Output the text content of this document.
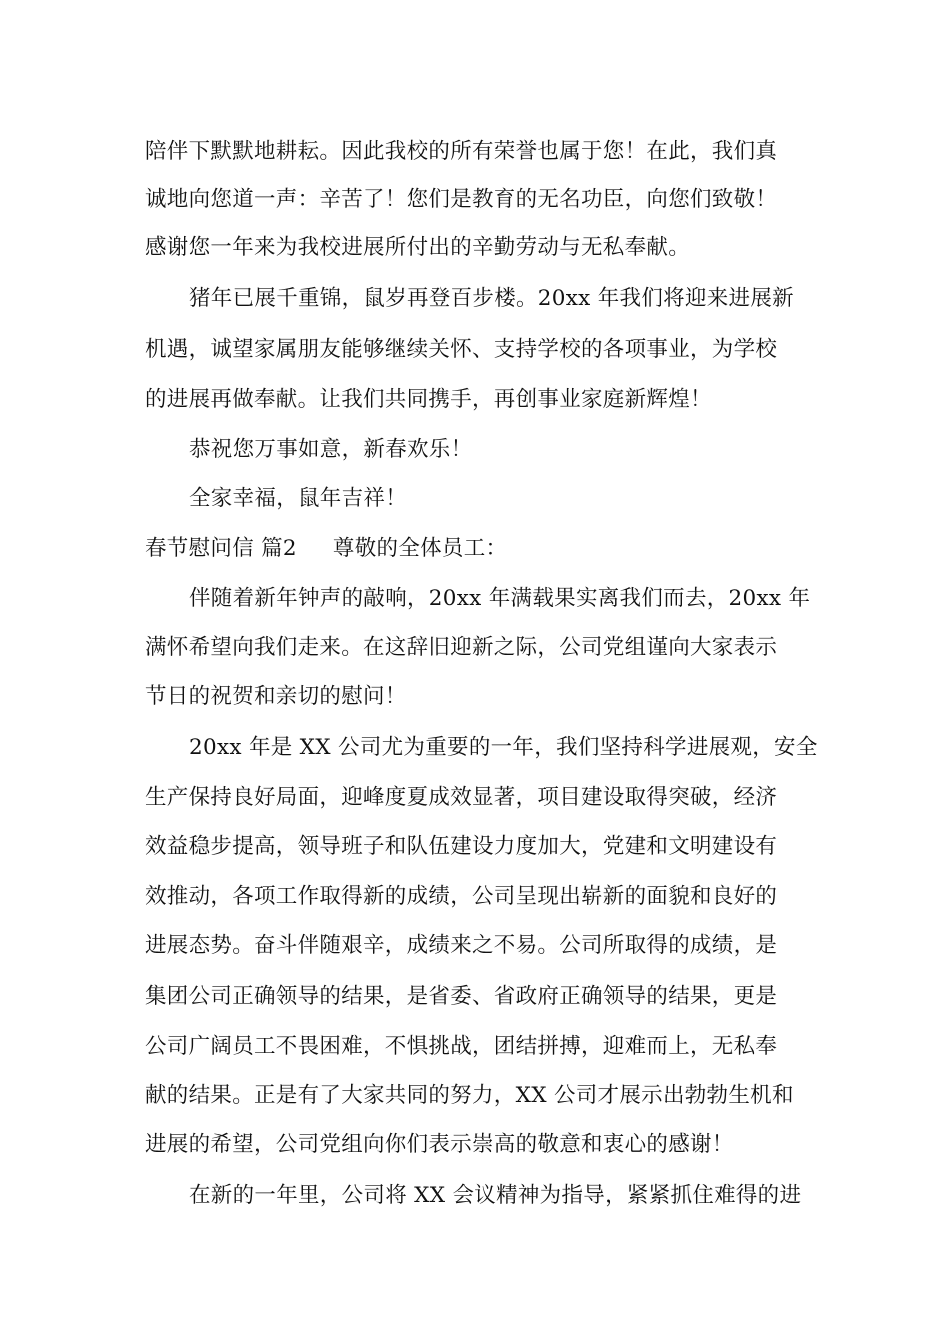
陪伴下默默地耕耘。因此我校的所有荣誉也属于您！在此，我们真
诚地向您道一声：辛苦了！您们是教育的无名功臣，向您们致敬！
感谢您一年来为我校进展所付出的辛勤劳动与无私奉献。
猪年已展千重锦，鼠岁再登百步楼。20xx 年我们将迎来进展新
机遇，诚望家属朋友能够继续关怀、支持学校的各项事业，为学校
的进展再做奉献。让我们共同携手，再创事业家庭新辉煌！
恭祝您万事如意，新春欢乐！
全家幸福，鼠年吉祥！
春节慰问信 篇2 尊敬的全体员工：
伴随着新年钟声的敲响，20xx 年满载果实离我们而去，20xx 年
满怀希望向我们走来。在这辞旧迎新之际，公司党组谨向大家表示
节日的祝贺和亲切的慰问！
20xx 年是 XX 公司尤为重要的一年，我们坚持科学进展观，安全
生产保持良好局面，迎峰度夏成效显著，项目建设取得突破，经济
效益稳步提高，领导班子和队伍建设力度加大，党建和文明建设有
效推动，各项工作取得新的成绩，公司呈现出崭新的面貌和良好的
进展态势。奋斗伴随艰辛，成绩来之不易。公司所取得的成绩，是
集团公司正确领导的结果，是省委、省政府正确领导的结果，更是
公司广阔员工不畏困难，不惧挑战，团结拼搏，迎难而上，无私奉
献的结果。正是有了大家共同的努力，XX 公司才展示出勃勃生机和
进展的希望，公司党组向你们表示崇高的敬意和衷心的感谢！
在新的一年里，公司将 XX 会议精神为指导，紧紧抓住难得的进
